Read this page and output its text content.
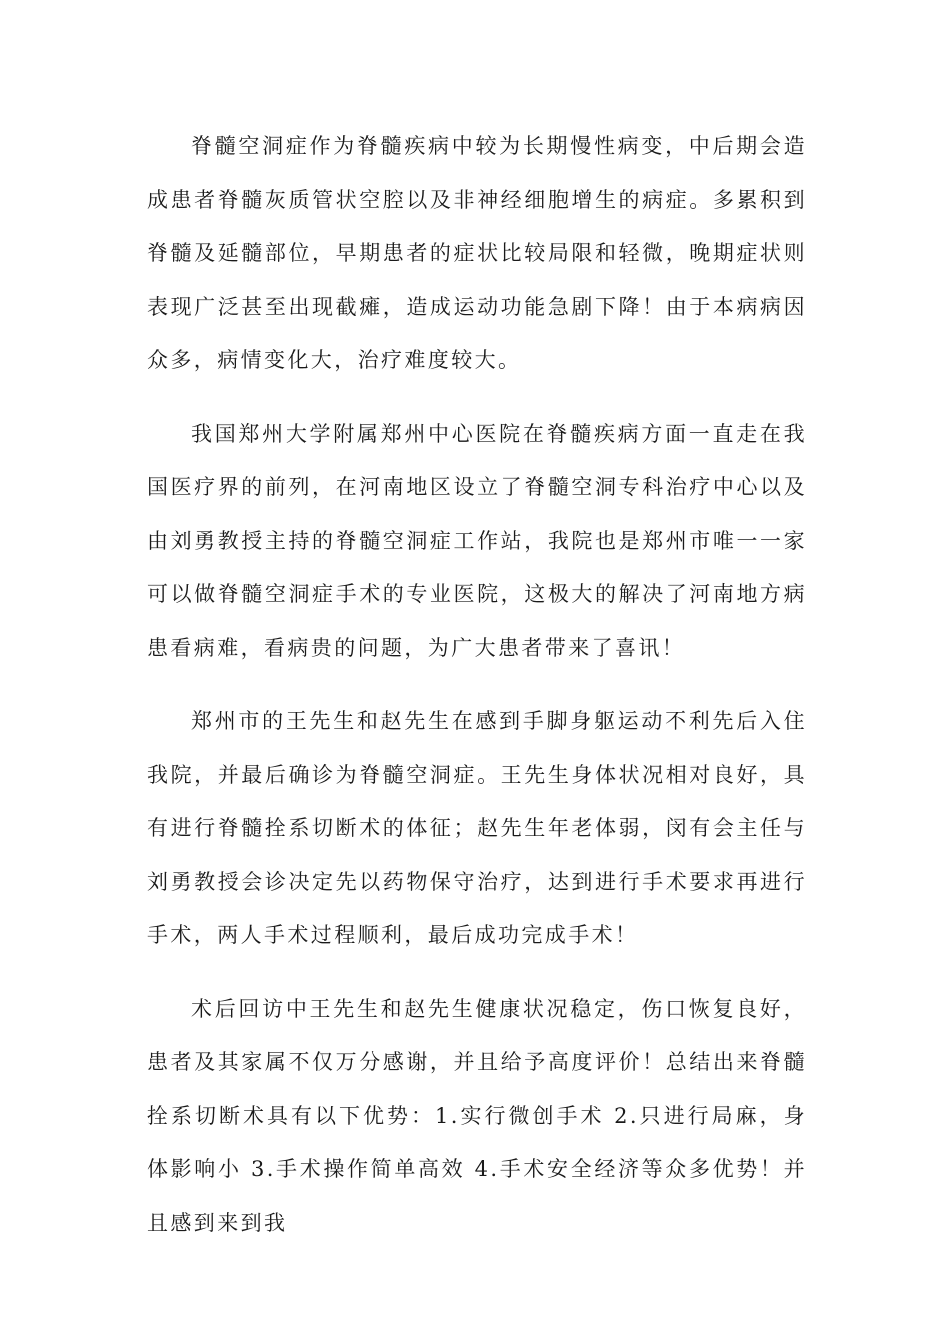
脊髓空洞症作为脊髓疾病中较为长期慢性病变，中后期会造成患者脊髓灰质管状空腔以及非神经细胞增生的病症。多累积到脊髓及延髓部位，早期患者的症状比较局限和轻微，晚期症状则表现广泛甚至出现截瘫，造成运动功能急剧下降！由于本病病因众多，病情变化大，治疗难度较大。

我国郑州大学附属郑州中心医院在脊髓疾病方面一直走在我国医疗界的前列，在河南地区设立了脊髓空洞专科治疗中心以及由刘勇教授主持的脊髓空洞症工作站，我院也是郑州市唯一一家可以做脊髓空洞症手术的专业医院，这极大的解决了河南地方病患看病难，看病贵的问题，为广大患者带来了喜讯！

郑州市的王先生和赵先生在感到手脚身躯运动不利先后入住我院，并最后确诊为脊髓空洞症。王先生身体状况相对良好，具有进行脊髓拴系切断术的体征；赵先生年老体弱，闵有会主任与刘勇教授会诊决定先以药物保守治疗，达到进行手术要求再进行手术，两人手术过程顺利，最后成功完成手术！

术后回访中王先生和赵先生健康状况稳定，伤口恢复良好，患者及其家属不仅万分感谢，并且给予高度评价！总结出来脊髓拴系切断术具有以下优势：1.实行微创手术 2.只进行局麻，身体影响小 3.手术操作简单高效 4.手术安全经济等众多优势！并且感到来到我
